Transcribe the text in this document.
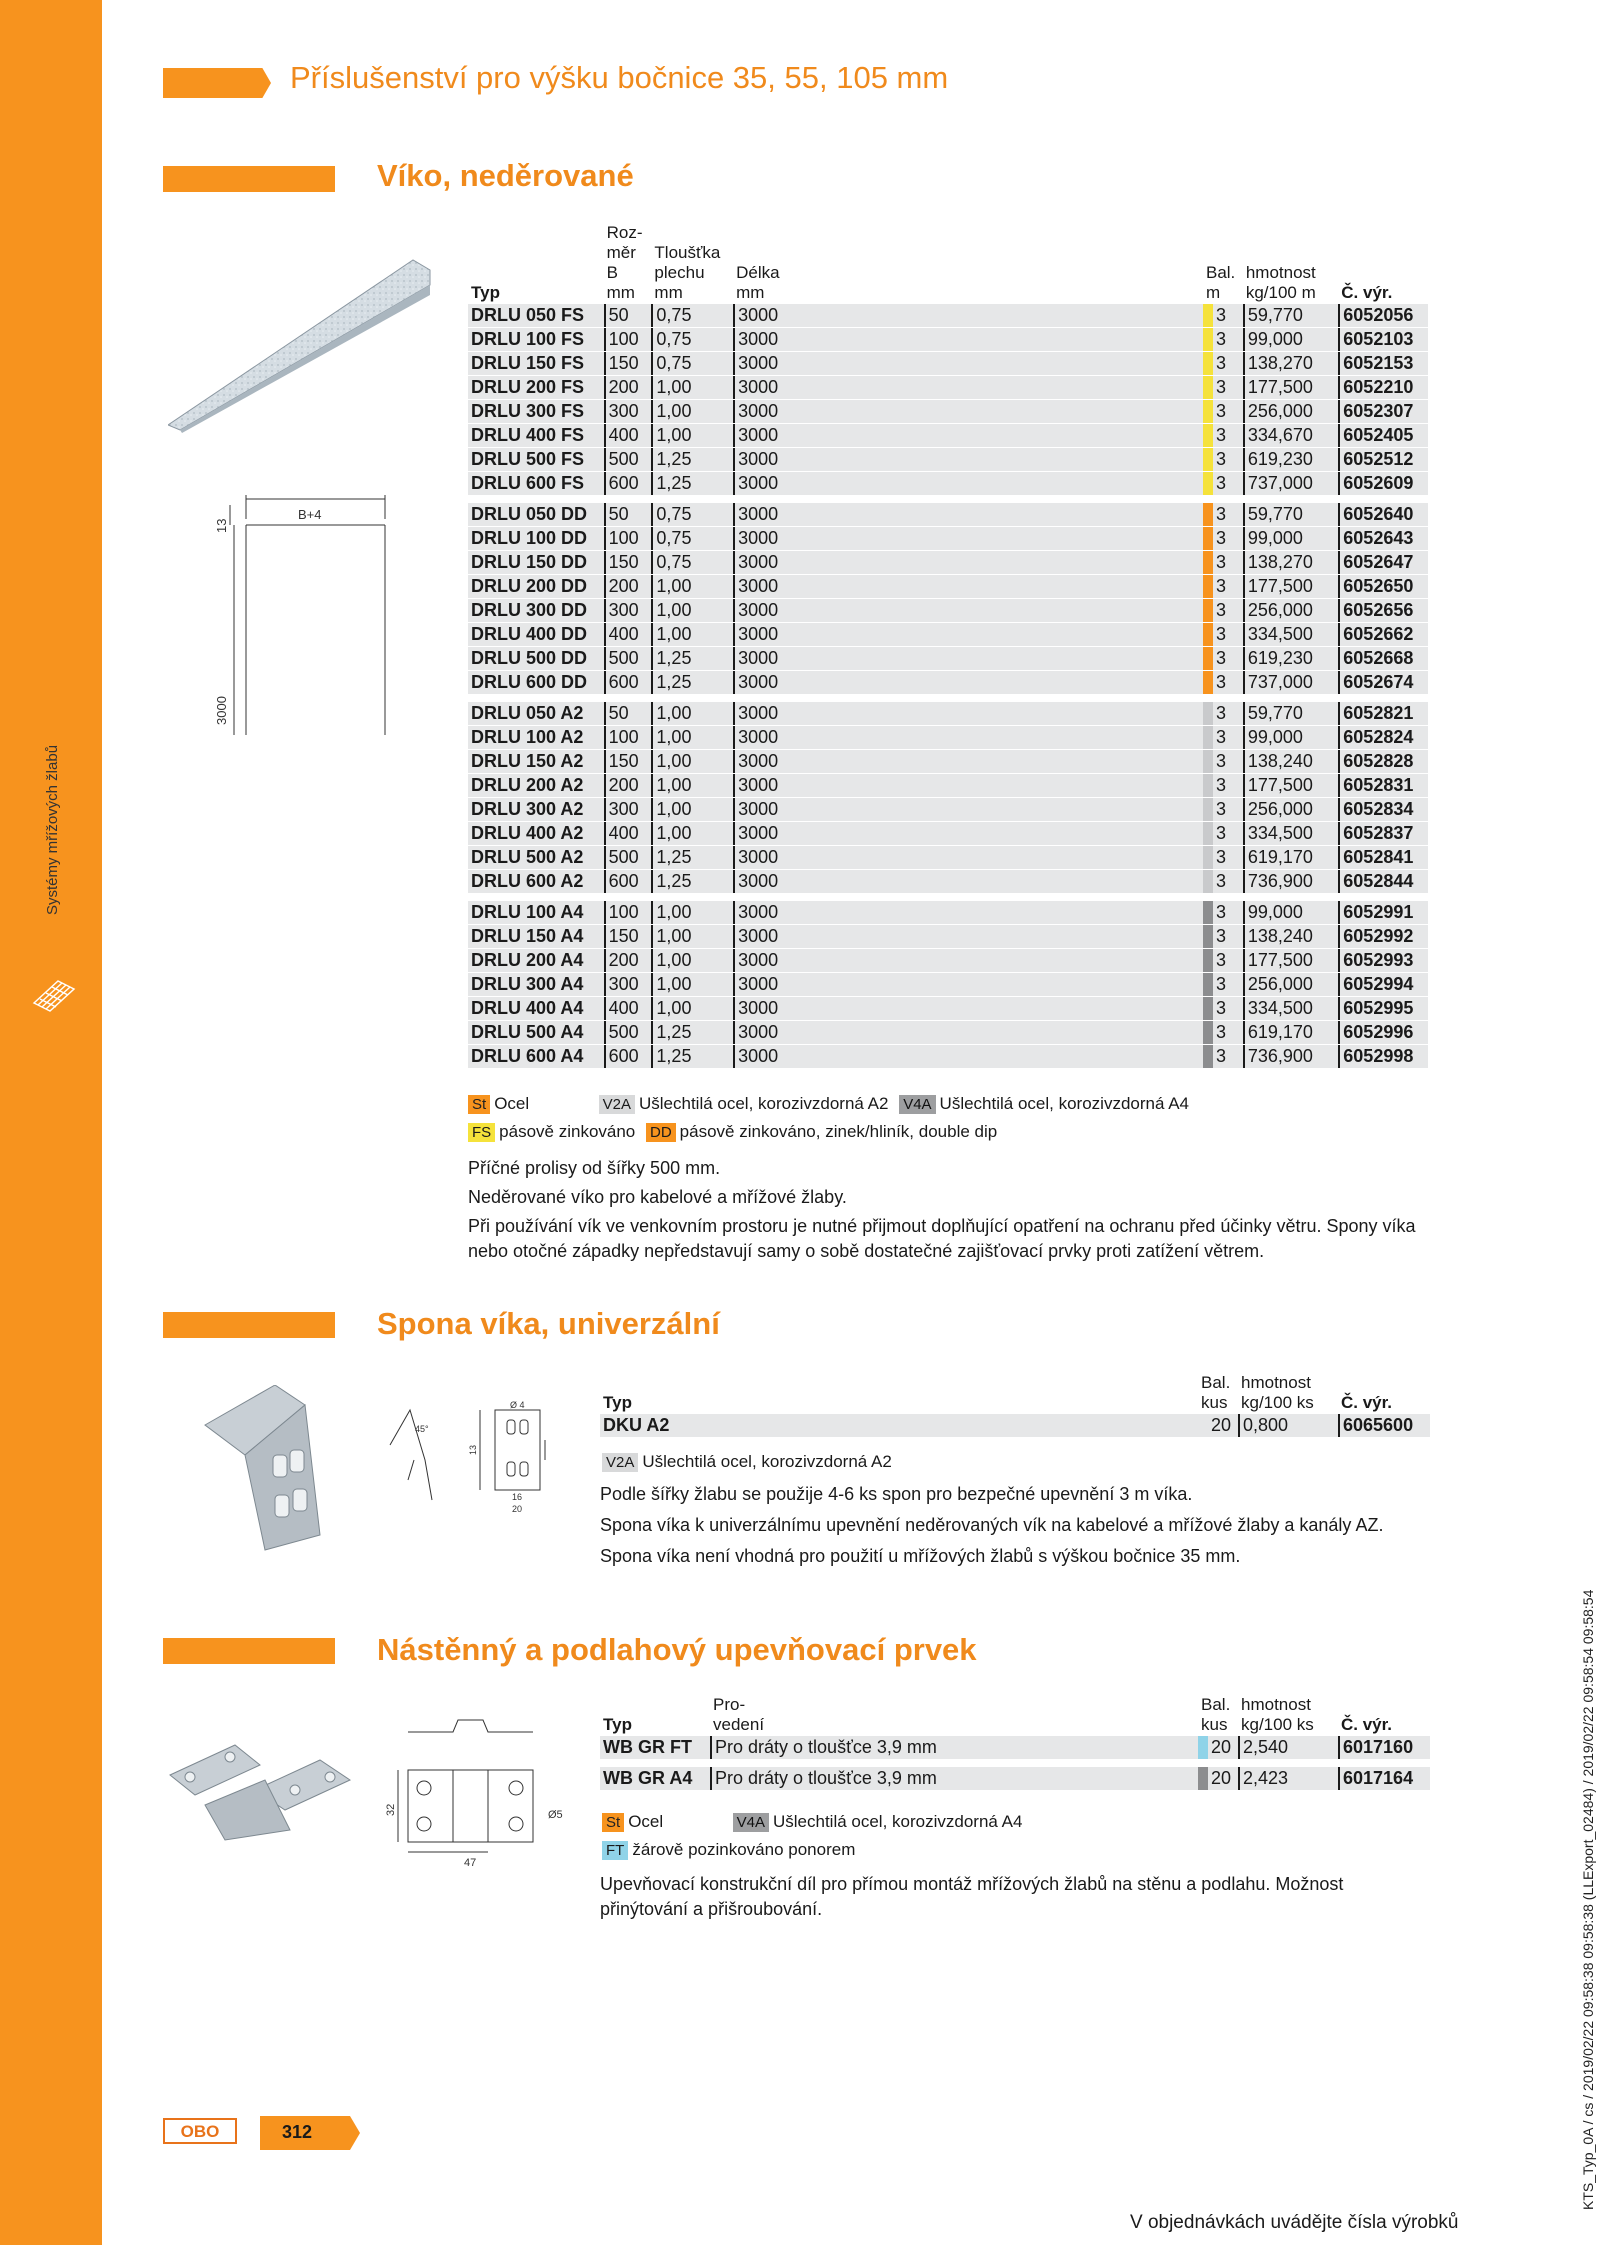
Systémy mřížových žlabů
Příslušenství pro výšku bočnice 35, 55, 105 mm
Víko, neděrované
B+4
13
3000
Typ	Roz-
měr
B
mm	Tloušťka
plechu
mm	Délka
mm	Bal.
m	hmotnost
kg/100 m	Č. výr.
DRLU 050 FS	50	0,75	3000	3	59,770	6052056
DRLU 100 FS	100	0,75	3000	3	99,000	6052103
DRLU 150 FS	150	0,75	3000	3	138,270	6052153
DRLU 200 FS	200	1,00	3000	3	177,500	6052210
DRLU 300 FS	300	1,00	3000	3	256,000	6052307
DRLU 400 FS	400	1,00	3000	3	334,670	6052405
DRLU 500 FS	500	1,25	3000	3	619,230	6052512
DRLU 600 FS	600	1,25	3000	3	737,000	6052609

DRLU 050 DD	50	0,75	3000	3	59,770	6052640
DRLU 100 DD	100	0,75	3000	3	99,000	6052643
DRLU 150 DD	150	0,75	3000	3	138,270	6052647
DRLU 200 DD	200	1,00	3000	3	177,500	6052650
DRLU 300 DD	300	1,00	3000	3	256,000	6052656
DRLU 400 DD	400	1,00	3000	3	334,500	6052662
DRLU 500 DD	500	1,25	3000	3	619,230	6052668
DRLU 600 DD	600	1,25	3000	3	737,000	6052674

DRLU 050 A2	50	1,00	3000	3	59,770	6052821
DRLU 100 A2	100	1,00	3000	3	99,000	6052824
DRLU 150 A2	150	1,00	3000	3	138,240	6052828
DRLU 200 A2	200	1,00	3000	3	177,500	6052831
DRLU 300 A2	300	1,00	3000	3	256,000	6052834
DRLU 400 A2	400	1,00	3000	3	334,500	6052837
DRLU 500 A2	500	1,25	3000	3	619,170	6052841
DRLU 600 A2	600	1,25	3000	3	736,900	6052844

DRLU 100 A4	100	1,00	3000	3	99,000	6052991
DRLU 150 A4	150	1,00	3000	3	138,240	6052992
DRLU 200 A4	200	1,00	3000	3	177,500	6052993
DRLU 300 A4	300	1,00	3000	3	256,000	6052994
DRLU 400 A4	400	1,00	3000	3	334,500	6052995
DRLU 500 A4	500	1,25	3000	3	619,170	6052996
DRLU 600 A4	600	1,25	3000	3	736,900	6052998
St Ocel	V2A Ušlechtilá ocel, korozivzdorná A2 V4A Ušlechtilá ocel, korozivzdorná A4
FS pásově zinkováno DD pásově zinkováno, zinek/hliník, double dip
Příčné prolisy od šířky 500 mm.
Neděrované víko pro kabelové a mřížové žlaby.
Při používání vík ve venkovním prostoru je nutné přijmout doplňující opatření na ochranu před účinky větru. Spony víka nebo otočné západky nepředstavují samy o sobě dostatečné zajišťovací prvky proti zatížení větrem.
Spona víka, univerzální
Ø 4
45°
16
20
13
Typ	Bal.
kus	hmotnost
kg/100 ks	Č. výr.
DKU A2	20	0,800	6065600
V2A Ušlechtilá ocel, korozivzdorná A2
Podle šířky žlabu se použije 4-6 ks spon pro bezpečné upevnění 3 m víka.
Spona víka k univerzálnímu upevnění neděrovaných vík na kabelové a mřížové žlaby a kanály AZ.
Spona víka není vhodná pro použití u mřížových žlabů s výškou bočnice 35 mm.
Nástěnný a podlahový upevňovací prvek
32
47
Ø5
Typ	Pro-
vedení	Bal.
kus	hmotnost
kg/100 ks	Č. výr.
WB GR FT	Pro dráty o tloušťce 3,9 mm	20	2,540	6017160

WB GR A4	Pro dráty o tloušťce 3,9 mm	20	2,423	6017164
St Ocel	V4A Ušlechtilá ocel, korozivzdorná A4
FT žárově pozinkováno ponorem
Upevňovací konstrukční díl pro přímou montáž mřížových žlabů na stěnu a podlahu. Možnost přinýtování a přišroubování.
OBO	312
V objednávkách uvádějte čísla výrobků
KTS_Typ_0A / cs / 2019/02/22 09:58:38 09:58:38 (LLExport_02484) / 2019/02/22 09:58:54 09:58:54
